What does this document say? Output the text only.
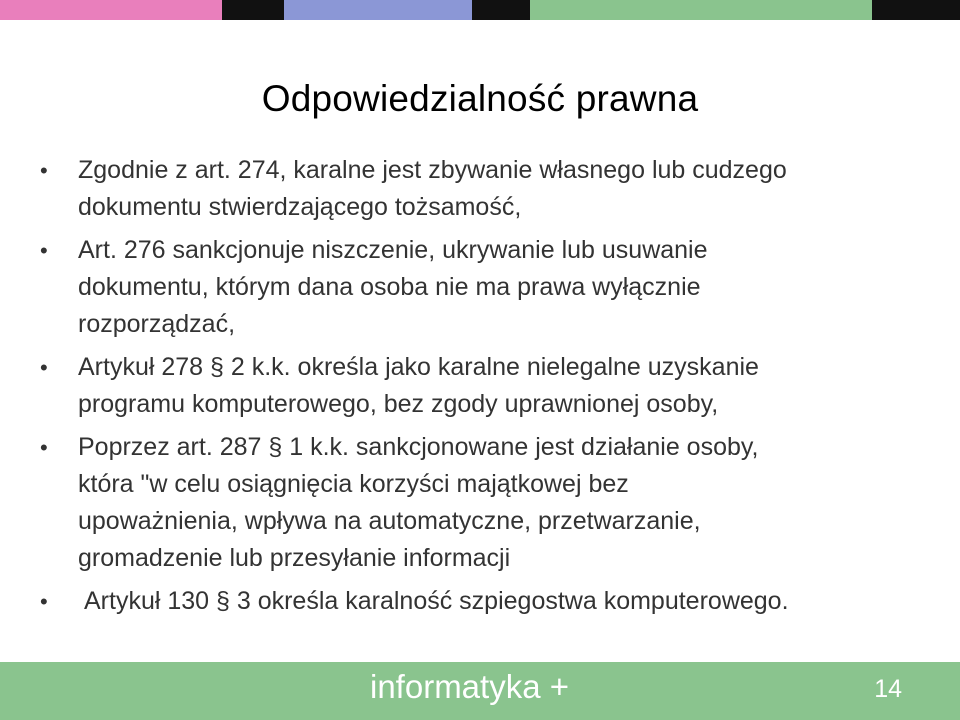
Odpowiedzialność prawna
•	Zgodnie z art. 274, karalne jest zbywanie własnego lub cudzego
dokumentu stwierdzającego tożsamość,
•	Art. 276 sankcjonuje niszczenie, ukrywanie lub usuwanie
dokumentu, którym dana osoba nie ma prawa wyłącznie
rozporządzać,
•	Artykuł 278 § 2 k.k. określa jako karalne nielegalne uzyskanie
programu komputerowego, bez zgody uprawnionej osoby,
•	Poprzez art. 287 § 1 k.k. sankcjonowane jest działanie osoby,
która "w celu osiągnięcia korzyści majątkowej bez
upoważnienia, wpływa na automatyczne, przetwarzanie,
gromadzenie lub przesyłanie informacji
•	Artykuł 130 § 3 określa karalność szpiegostwa komputerowego.
informatyka +	14
